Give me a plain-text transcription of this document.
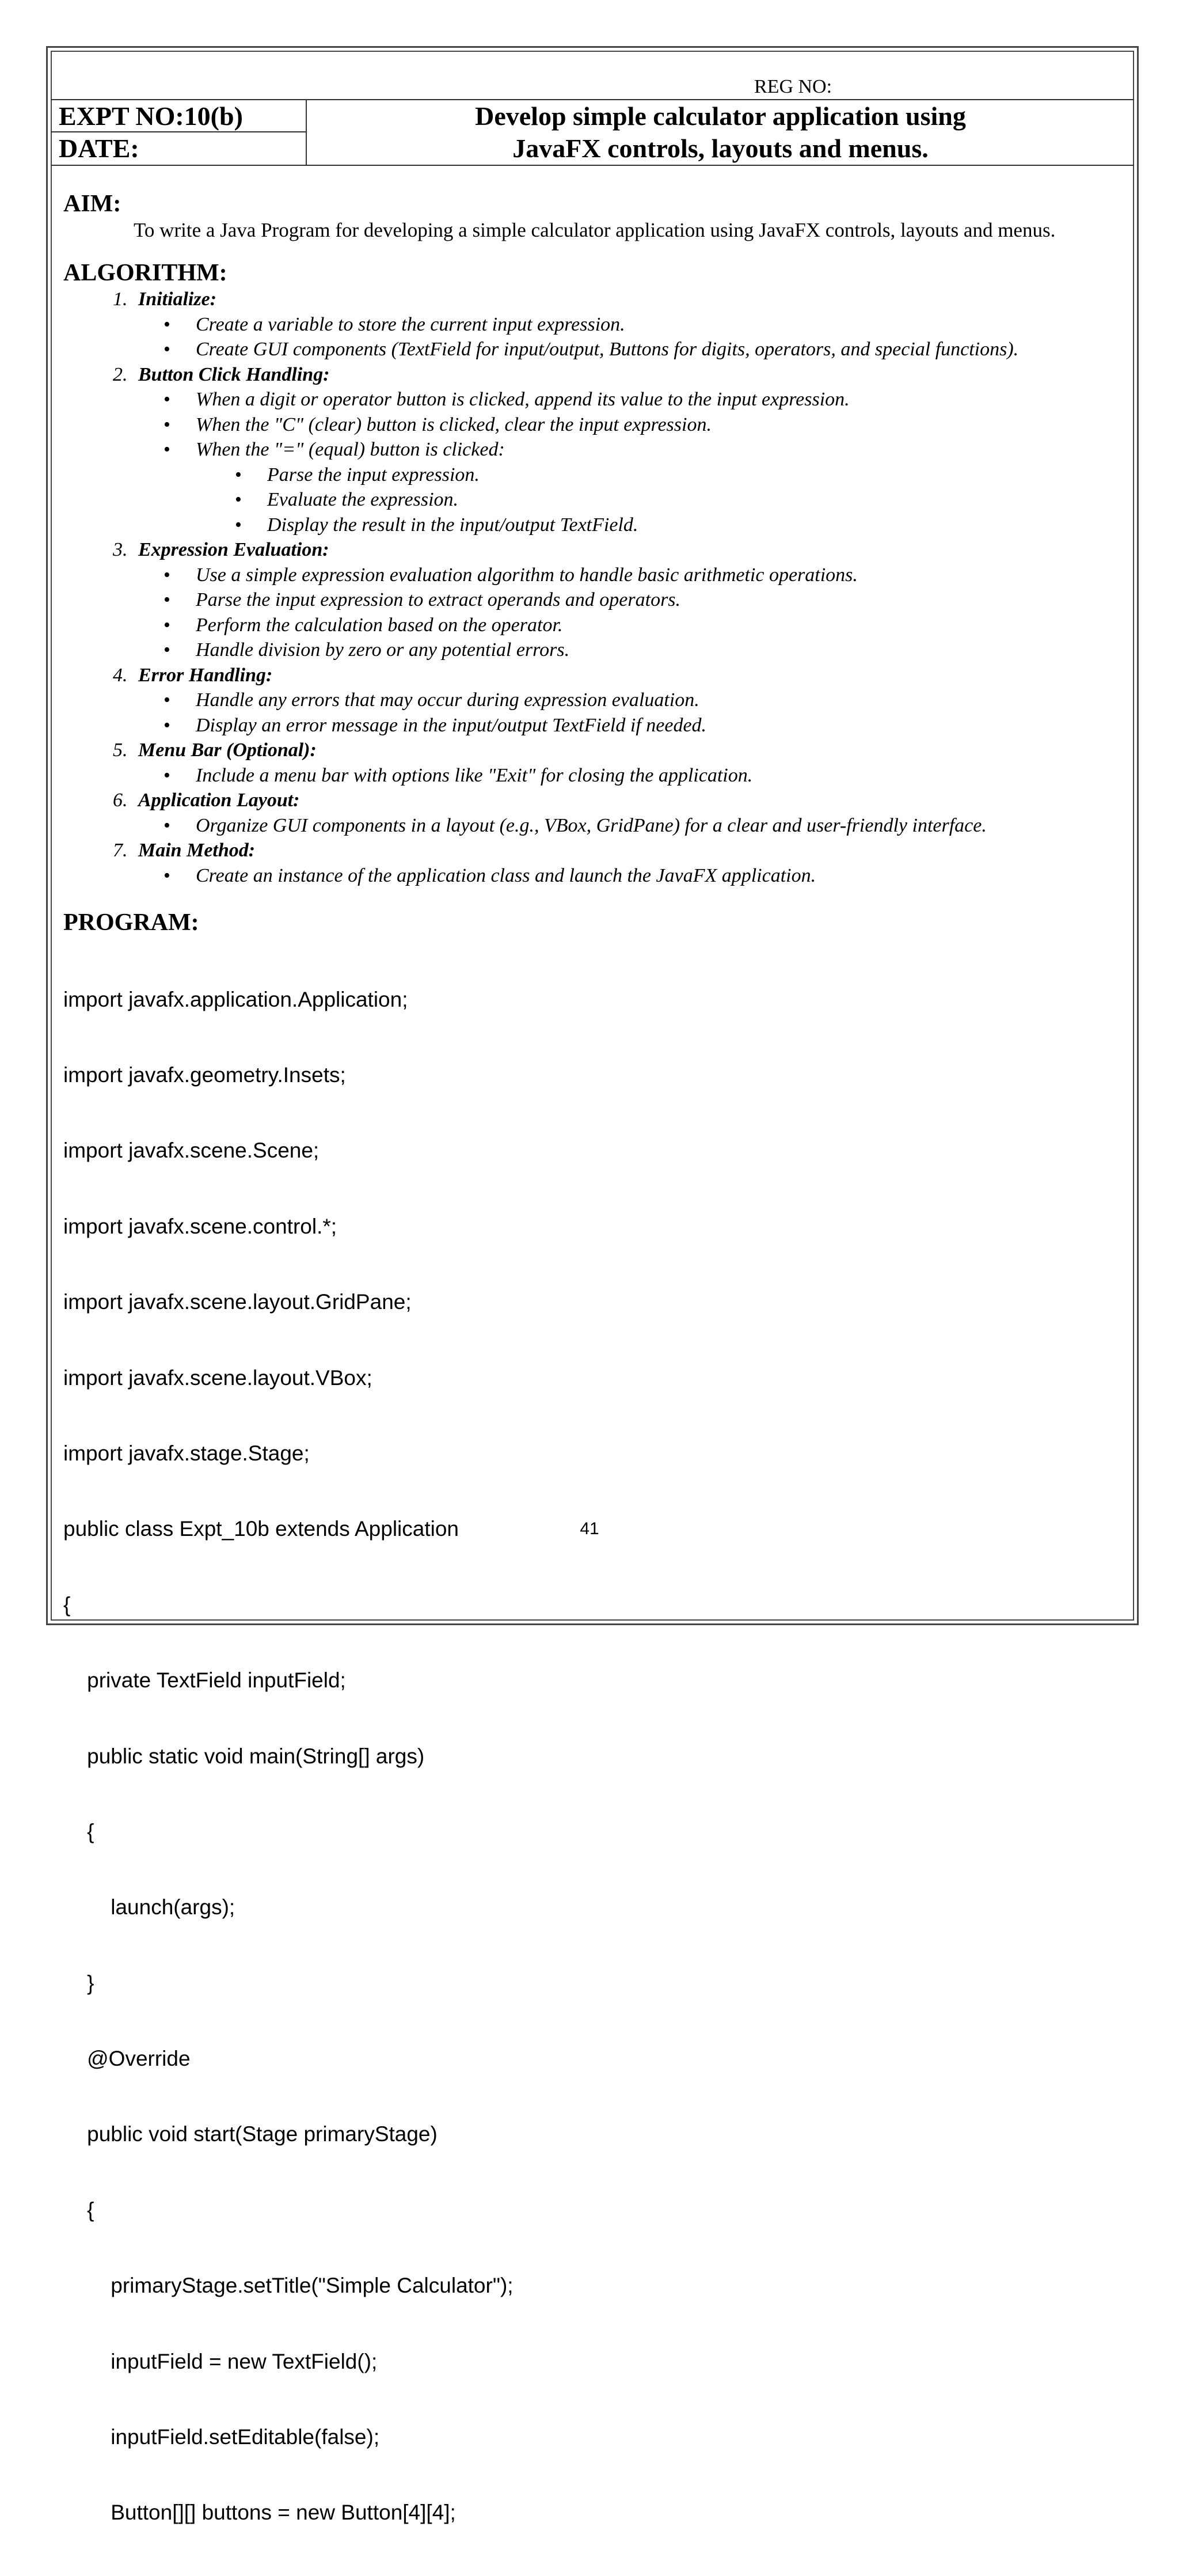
REG NO:
EXPT NO:10(b)
DATE:
Develop simple calculator application using
JavaFX controls, layouts and menus.
AIM:

To write a Java Program for developing a simple calculator application using JavaFX controls, layouts and menus.

ALGORITHM:
1. Initialize:
• Create a variable to store the current input expression.
• Create GUI components (TextField for input/output, Buttons for digits, operators, and special functions).
2. Button Click Handling:
• When a digit or operator button is clicked, append its value to the input expression.
• When the "C" (clear) button is clicked, clear the input expression.
• When the "=" (equal) button is clicked:
• Parse the input expression.
• Evaluate the expression.
• Display the result in the input/output TextField.
3. Expression Evaluation:
• Use a simple expression evaluation algorithm to handle basic arithmetic operations.
• Parse the input expression to extract operands and operators.
• Perform the calculation based on the operator.
• Handle division by zero or any potential errors.
4. Error Handling:
• Handle any errors that may occur during expression evaluation.
• Display an error message in the input/output TextField if needed.
5. Menu Bar (Optional):
• Include a menu bar with options like "Exit" for closing the application.
6. Application Layout:
• Organize GUI components in a layout (e.g., VBox, GridPane) for a clear and user-friendly interface.
7. Main Method:
• Create an instance of the application class and launch the JavaFX application.
PROGRAM:

import javafx.application.Application;

import javafx.geometry.Insets;

import javafx.scene.Scene;

import javafx.scene.control.*;

import javafx.scene.layout.GridPane;

import javafx.scene.layout.VBox;

import javafx.stage.Stage;

public class Expt_10b extends Application

{

private TextField inputField;

public static void main(String[] args)

{

launch(args);

}

@Override

public void start(Stage primaryStage)

{

primaryStage.setTitle("Simple Calculator");

inputField = new TextField();

inputField.setEditable(false);

Button[][] buttons = new Button[4][4];

41
